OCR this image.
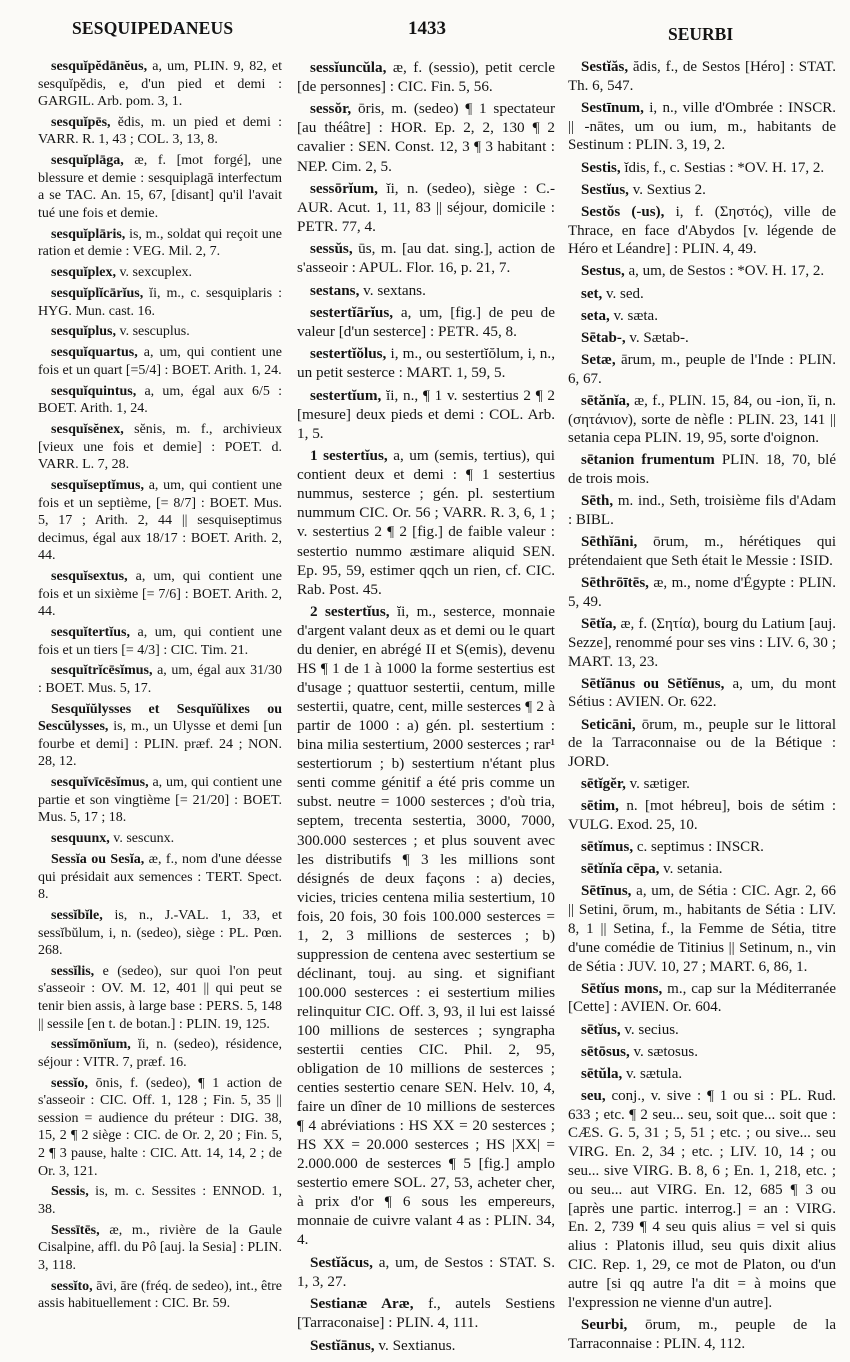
SESQUIPEDANEUS	1433	SEURBI

sesquĭpĕdānĕus, a, um, PLIN. 9, 82, et sesquĭpĕdis, e, d'un pied et demi : GARGIL. Arb. pom. 3, 1.

sesquĭpēs, ĕdis, m. un pied et demi : VARR. R. 1, 43 ; COL. 3, 13, 8.

sesquĭplāga, æ, f. [mot forgé], une blessure et demie : sesquiplagā interfectum a se TAC. An. 15, 67, [disant] qu'il l'avait tué une fois et demie.

sesquĭplāris, is, m., soldat qui reçoit une ration et demie : VEG. Mil. 2, 7.

sesquĭplex, v. sexcuplex.

sesquĭplĭcārĭus, ĭi, m., c. sesquiplaris : HYG. Mun. cast. 16.

sesquĭplus, v. sescuplus.

sesquĭquartus, a, um, qui contient une fois et un quart [=5/4] : BOET. Arith. 1, 24.

sesquĭquintus, a, um, égal aux 6/5 : BOET. Arith. 1, 24.

sesquĭsĕnex, sĕnis, m. f., archivieux [vieux une fois et demie] : POET. d. VARR. L. 7, 28.

sesquĭseptĭmus, a, um, qui contient une fois et un septième, [= 8/7] : BOET. Mus. 5, 17 ; Arith. 2, 44 || sesquiseptimus decimus, égal aux 18/17 : BOET. Arith. 2, 44.

sesquĭsextus, a, um, qui contient une fois et un sixième [= 7/6] : BOET. Arith. 2, 44.

sesquĭtertĭus, a, um, qui contient une fois et un tiers [= 4/3] : CIC. Tim. 21.

sesquĭtrĭcēsĭmus, a, um, égal aux 31/30 : BOET. Mus. 5, 17.

Sesquĭŭlysses et Sesquĭŭlixes ou Sescŭlysses, is, m., un Ulysse et demi [un fourbe et demi] : PLIN. præf. 24 ; NON. 28, 12.

sesquĭvīcēsĭmus, a, um, qui contient une partie et son vingtième [= 21/20] : BOET. Mus. 5, 17 ; 18.

sesquunx, v. sescunx.

Sessĭa ou Sesĭa, æ, f., nom d'une déesse qui présidait aux semences : TERT. Spect. 8.

sessĭbĭle, is, n., J.-VAL. 1, 33, et sessĭbŭlum, i, n. (sedeo), siège : PL. Pœn. 268.

sessĭlis, e (sedeo), sur quoi l'on peut s'asseoir : OV. M. 12, 401 || qui peut se tenir bien assis, à large base : PERS. 5, 148 || sessile [en t. de botan.] : PLIN. 19, 125.

sessĭmōnĭum, ĭi, n. (sedeo), résidence, séjour : VITR. 7, præf. 16.

sessĭo, ōnis, f. (sedeo), ¶ 1 action de s'asseoir : CIC. Off. 1, 128 ; Fin. 5, 35 || session = audience du préteur : DIG. 38, 15, 2 ¶ 2 siège : CIC. de Or. 2, 20 ; Fin. 5, 2 ¶ 3 pause, halte : CIC. Att. 14, 14, 2 ; de Or. 3, 121.

Sessis, is, m. c. Sessites : ENNOD. 1, 38.

Sessītēs, æ, m., rivière de la Gaule Cisalpine, affl. du Pô [auj. la Sesia] : PLIN. 3, 118.

sessĭto, āvi, āre (fréq. de sedeo), int., être assis habituellement : CIC. Br. 59.

sessĭuncŭla, æ, f. (sessio), petit cercle [de personnes] : CIC. Fin. 5, 56.

sessŏr, ōris, m. (sedeo) ¶ 1 spectateur [au théâtre] : HOR. Ep. 2, 2, 130 ¶ 2 cavalier : SEN. Const. 12, 3 ¶ 3 habitant : NEP. Cim. 2, 5.

sessōrĭum, ĭi, n. (sedeo), siège : C.-AUR. Acut. 1, 11, 83 || séjour, domicile : PETR. 77, 4.

sessŭs, ūs, m. [au dat. sing.], action de s'asseoir : APUL. Flor. 16, p. 21, 7.

sestans, v. sextans.

sestertĭārĭus, a, um, [fig.] de peu de valeur [d'un sesterce] : PETR. 45, 8.

sestertĭŏlus, i, m., ou sestertĭŏlum, i, n., un petit sesterce : MART. 1, 59, 5.

sestertĭum, ĭi, n., ¶ 1 v. sestertius 2 ¶ 2 [mesure] deux pieds et demi : COL. Arb. 1, 5.

1 sestertĭus, a, um (semis, tertius), qui contient deux et demi : ¶ 1 sestertius nummus, sesterce ; gén. pl. sestertium nummum CIC. Or. 56 ; VARR. R. 3, 6, 1 ; v. sestertius 2 ¶ 2 [fig.] de faible valeur : sestertio nummo æstimare aliquid SEN. Ep. 95, 59, estimer qqch un rien, cf. CIC. Rab. Post. 45.

2 sestertĭus, ĭi, m., sesterce, monnaie d'argent valant deux as et demi ou le quart du denier, en abrégé II et S(emis), devenu HS ¶ 1 de 1 à 1000 la forme sestertius est d'usage ; quattuor sestertii, centum, mille sestertii, quatre, cent, mille sesterces ¶ 2 à partir de 1000 : a) gén. pl. sestertium : bina milia sestertium, 2000 sesterces ; rar¹ sestertiorum ; b) sestertium n'étant plus senti comme génitif a été pris comme un subst. neutre = 1000 sesterces ; d'où tria, septem, trecenta sestertia, 3000, 7000, 300.000 sesterces ; et plus souvent avec les distributifs ¶ 3 les millions sont désignés de deux façons : a) decies, vicies, tricies centena milia sestertium, 10 fois, 20 fois, 30 fois 100.000 sesterces = 1, 2, 3 millions de sesterces ; b) suppression de centena avec sestertium se déclinant, touj. au sing. et signifiant 100.000 sesterces : ei sestertium milies relinquitur CIC. Off. 3, 93, il lui est laissé 100 millions de sesterces ; syngrapha sestertii centies CIC. Phil. 2, 95, obligation de 10 millions de sesterces ; centies sestertio cenare SEN. Helv. 10, 4, faire un dîner de 10 millions de sesterces ¶ 4 abréviations : HS XX = 20 sesterces ; HS XX = 20.000 sesterces ; HS |XX| = 2.000.000 de sesterces ¶ 5 [fig.] amplo sestertio emere SOL. 27, 53, acheter cher, à prix d'or ¶ 6 sous les empereurs, monnaie de cuivre valant 4 as : PLIN. 34, 4.

Sestĭăcus, a, um, de Sestos : STAT. S. 1, 3, 27.

Sestianæ Aræ, f., autels Sestiens [Tarraconaise] : PLIN. 4, 111.

Sestĭānus, v. Sextianus.

Sestĭăs, ădis, f., de Sestos [Héro] : STAT. Th. 6, 547.

Sestīnum, i, n., ville d'Ombrée : INSCR. || -nātes, um ou ium, m., habitants de Sestinum : PLIN. 3, 19, 2.

Sestis, ĭdis, f., c. Sestias : *OV. H. 17, 2.

Sestĭus, v. Sextius 2.

Sestŏs (-us), i, f. (Σηστός), ville de Thrace, en face d'Abydos [v. légende de Héro et Léandre] : PLIN. 4, 49.

Sestus, a, um, de Sestos : *OV. H. 17, 2.

set, v. sed.

seta, v. sæta.

Sētab-, v. Sætab-.

Setæ, ārum, m., peuple de l'Inde : PLIN. 6, 67.

sētănĭa, æ, f., PLIN. 15, 84, ou -ion, ĭi, n. (σητάνιον), sorte de nèfle : PLIN. 23, 141 || setania cepa PLIN. 19, 95, sorte d'oignon.

sētanion frumentum PLIN. 18, 70, blé de trois mois.

Sēth, m. ind., Seth, troisième fils d'Adam : BIBL.

Sēthĭāni, ōrum, m., hérétiques qui prétendaient que Seth était le Messie : ISID.

Sēthrōītēs, æ, m., nome d'Égypte : PLIN. 5, 49.

Sētĭa, æ, f. (Σητία), bourg du Latium [auj. Sezze], renommé pour ses vins : LIV. 6, 30 ; MART. 13, 23.

Sētĭānus ou Sētĭēnus, a, um, du mont Sétius : AVIEN. Or. 622.

Seticāni, ōrum, m., peuple sur le littoral de la Tarraconnaise ou de la Bétique : JORD.

sētĭgĕr, v. sætiger.

sētim, n. [mot hébreu], bois de sétim : VULG. Exod. 25, 10.

sētĭmus, c. septimus : INSCR.

sētĭnĭa cēpa, v. setania.

Sētīnus, a, um, de Sétia : CIC. Agr. 2, 66 || Setini, ōrum, m., habitants de Sétia : LIV. 8, 1 || Setina, f., la Femme de Sétia, titre d'une comédie de Titinius || Setinum, n., vin de Sétia : JUV. 10, 27 ; MART. 6, 86, 1.

Sētĭus mons, m., cap sur la Méditerranée [Cette] : AVIEN. Or. 604.

sētĭus, v. secius.

sētōsus, v. sætosus.

sētŭla, v. sætula.

seu, conj., v. sive : ¶ 1 ou si : PL. Rud. 633 ; etc. ¶ 2 seu... seu, soit que... soit que : CÆS. G. 5, 31 ; 5, 51 ; etc. ; ou sive... seu VIRG. En. 2, 34 ; etc. ; LIV. 10, 14 ; ou seu... sive VIRG. B. 8, 6 ; En. 1, 218, etc. ; ou seu... aut VIRG. En. 12, 685 ¶ 3 ou [après une partic. interrog.] = an : VIRG. En. 2, 739 ¶ 4 seu quis alius = vel si quis alius : Platonis illud, seu quis dixit alius CIC. Rep. 1, 29, ce mot de Platon, ou d'un autre [si qq autre l'a dit = à moins que l'expression ne vienne d'un autre].

Seurbi, ōrum, m., peuple de la Tarraconnaise : PLIN. 4, 112.
